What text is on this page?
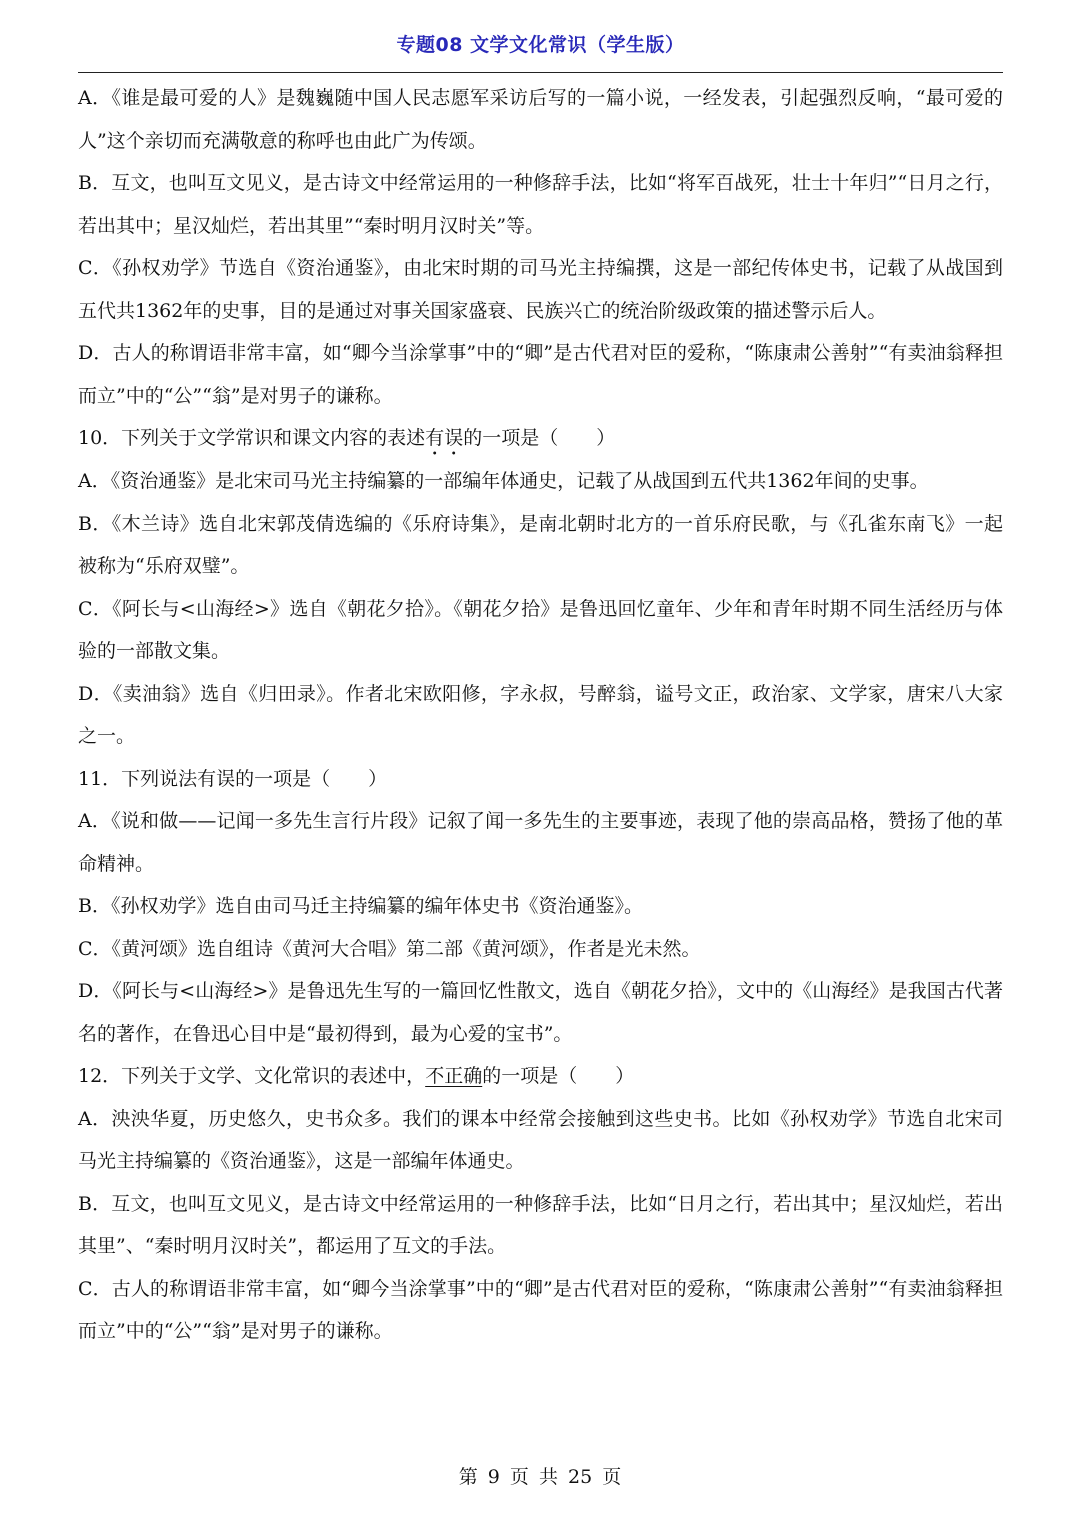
专题08 文学文化常识（学生版）

A．《谁是最可爱的人》是魏巍随中国人民志愿军采访后写的一篇小说，一经发表，引起强烈反响，“最可爱的人”这个亲切而充满敬意的称呼也由此广为传颂。

B．互文，也叫互文见义，是古诗文中经常运用的一种修辞手法，比如“将军百战死，壮士十年归”“日月之行，若出其中；星汉灿烂，若出其里”“秦时明月汉时关”等。

C．《孙权劝学》节选自《资治通鉴》，由北宋时期的司马光主持编撰，这是一部纪传体史书，记载了从战国到五代共1362年的史事，目的是通过对事关国家盛衰、民族兴亡的统治阶级政策的描述警示后人。

D．古人的称谓语非常丰富，如“卿今当涂掌事”中的“卿”是古代君对臣的爱称，“陈康肃公善射”“有卖油翁释担而立”中的“公”“翁”是对男子的谦称。

10．下列关于文学常识和课文内容的表述有误的一项是（　　）

A．《资治通鉴》是北宋司马光主持编纂的一部编年体通史，记载了从战国到五代共1362年间的史事。

B．《木兰诗》选自北宋郭茂倩选编的《乐府诗集》，是南北朝时北方的一首乐府民歌，与《孔雀东南飞》一起被称为“乐府双璧”。

C．《阿长与<山海经>》选自《朝花夕拾》。《朝花夕拾》是鲁迅回忆童年、少年和青年时期不同生活经历与体验的一部散文集。

D．《卖油翁》选自《归田录》。作者北宋欧阳修，字永叔，号醉翁，谥号文正，政治家、文学家，唐宋八大家之一。

11．下列说法有误的一项是（　　）

A．《说和做——记闻一多先生言行片段》记叙了闻一多先生的主要事迹，表现了他的崇高品格，赞扬了他的革命精神。

B．《孙权劝学》选自由司马迁主持编纂的编年体史书《资治通鉴》。

C．《黄河颂》选自组诗《黄河大合唱》第二部《黄河颂》，作者是光未然。

D．《阿长与<山海经>》是鲁迅先生写的一篇回忆性散文，选自《朝花夕拾》，文中的《山海经》是我国古代著名的著作，在鲁迅心目中是“最初得到，最为心爱的宝书”。

12．下列关于文学、文化常识的表述中，不正确的一项是（　　）

A．泱泱华夏，历史悠久，史书众多。我们的课本中经常会接触到这些史书。比如《孙权劝学》节选自北宋司马光主持编纂的《资治通鉴》，这是一部编年体通史。

B．互文，也叫互文见义，是古诗文中经常运用的一种修辞手法，比如“日月之行，若出其中；星汉灿烂，若出其里”、“秦时明月汉时关”，都运用了互文的手法。

C．古人的称谓语非常丰富，如“卿今当涂掌事”中的“卿”是古代君对臣的爱称，“陈康肃公善射”“有卖油翁释担而立”中的“公”“翁”是对男子的谦称。

第 9 页 共 25 页
